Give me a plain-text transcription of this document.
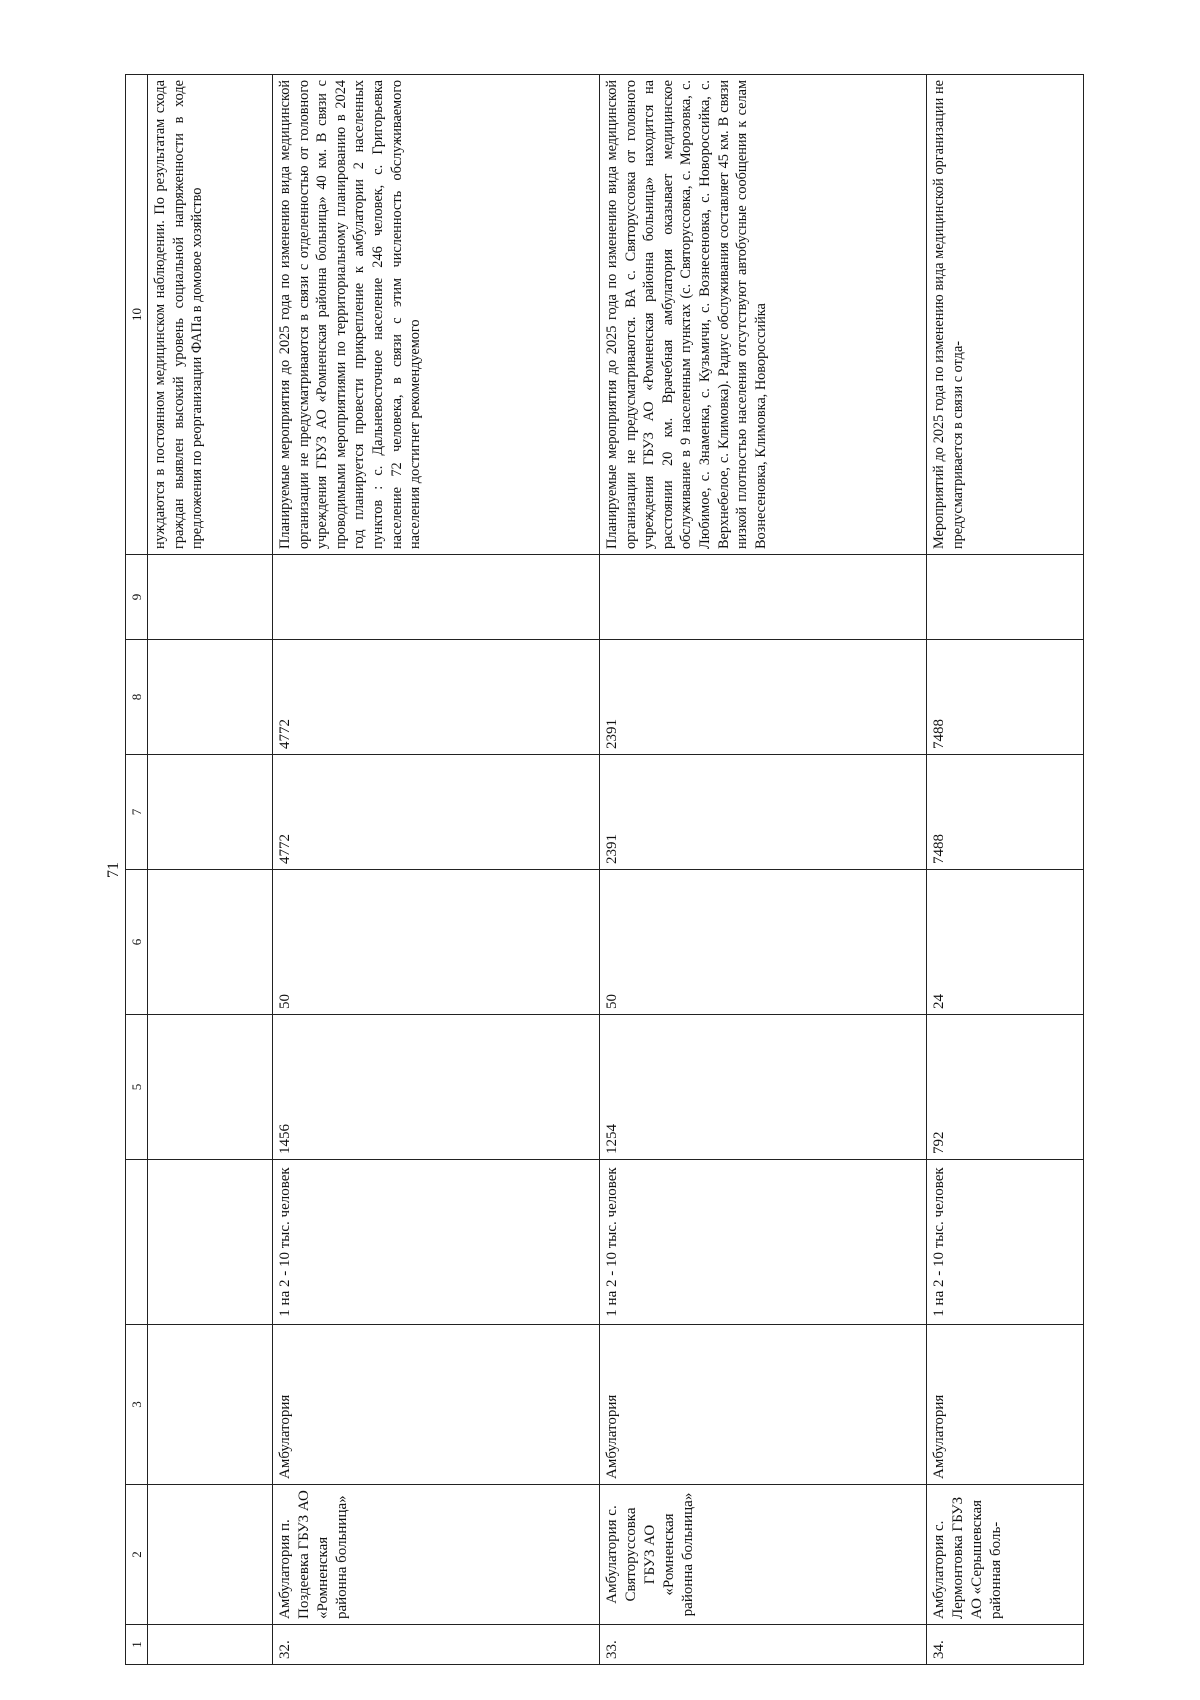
71
1	2	3		5	6	7	8	9	10
									нуждаются в постоянном медицинском наблюдении. По результатам схода граждан выявлен высокий уровень социальной напряженности в ходе предложения по реорганизации ФАПа в домовое хозяйство
32.	Амбулатория п. Поздеевка ГБУЗ АО «Ромненская районна больница»	Амбулатория	1 на 2 - 10 тыс. человек	1456	50	4772	4772		Планируемые мероприятия до 2025 года по изменению вида медицинской организации не предусматриваются в связи с отделенностью от головного учреждения ГБУЗ АО «Ромненская районна больница» 40 км. В связи с проводимыми мероприятиями по территориальному планированию в 2024 год планируется провести прикрепление к амбулатории 2 населенных пунктов : с. Дальневосточное население 246 человек, с. Григорьевка население 72 человека, в связи с этим численность обслуживаемого населения достигнет рекомендуемого
33.	Амбулатория с. Святоруссовка ГБУЗ АО «Ромненская районна больница»	Амбулатория	1 на 2 - 10 тыс. человек	1254	50	2391	2391		Планируемые мероприятия до 2025 года по изменению вида медицинской организации не предусматриваются. ВА с. Святоруссовка от головного учреждения ГБУЗ АО «Ромненская районна больница» находится на расстоянии 20 км. Врачебная амбулатория оказывает медицинское обслуживание в 9 населенным пунктах (с. Святоруссовка, с. Морозовка, с. Любимое, с. Знаменка, с. Кузьмичи, с. Вознесеновка, с. Новороссийка, с. Верхнебелое, с. Климовка). Радиус обслуживания составляет 45 км. В связи низкой плотностью населения отсутствуют автобусные сообщения к селам Вознесеновка, Климовка, Новороссийка
34.	Амбулатория с. Лермонтовка ГБУЗ АО «Серышевская районная боль-	Амбулатория	1 на 2 - 10 тыс. человек	792	24	7488	7488		Мероприятий до 2025 года по изменению вида медицинской организации не предусматривается в связи с отда-
